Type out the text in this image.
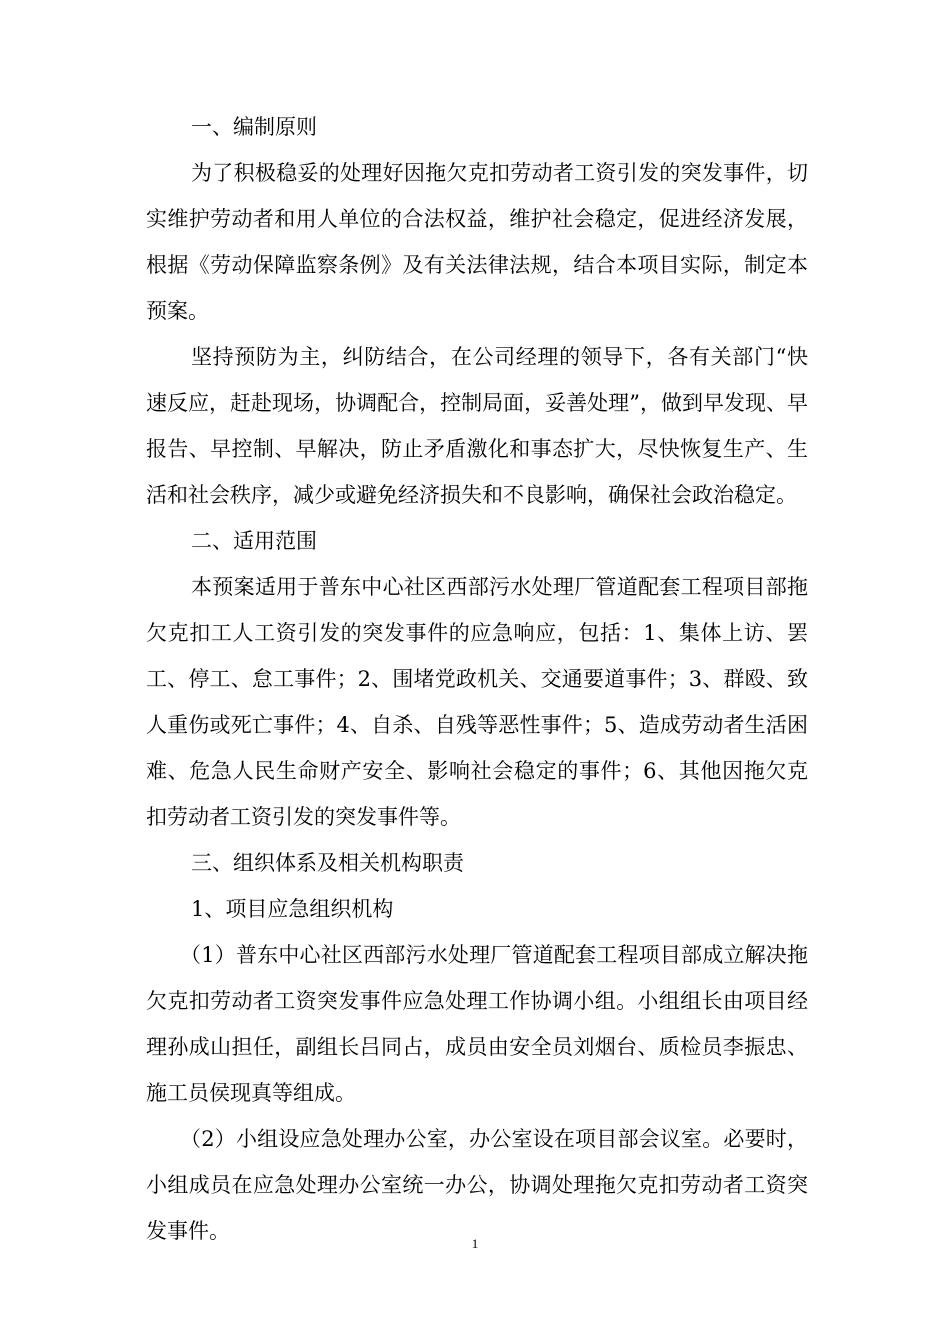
一、编制原则

为了积极稳妥的处理好因拖欠克扣劳动者工资引发的突发事件，切实维护劳动者和用人单位的合法权益，维护社会稳定，促进经济发展，根据《劳动保障监察条例》及有关法律法规，结合本项目实际，制定本预案。

坚持预防为主，纠防结合，在公司经理的领导下，各有关部门“快速反应，赶赴现场，协调配合，控制局面，妥善处理”，做到早发现、早报告、早控制、早解决，防止矛盾激化和事态扩大，尽快恢复生产、生活和社会秩序，减少或避免经济损失和不良影响，确保社会政治稳定。

二、适用范围

本预案适用于普东中心社区西部污水处理厂管道配套工程项目部拖欠克扣工人工资引发的突发事件的应急响应，包括：1、集体上访、罢工、停工、怠工事件；2、围堵党政机关、交通要道事件；3、群殴、致人重伤或死亡事件；4、自杀、自残等恶性事件；5、造成劳动者生活困难、危急人民生命财产安全、影响社会稳定的事件；6、其他因拖欠克扣劳动者工资引发的突发事件等。

三、组织体系及相关机构职责

1、项目应急组织机构

（1）普东中心社区西部污水处理厂管道配套工程项目部成立解决拖欠克扣劳动者工资突发事件应急处理工作协调小组。小组组长由项目经理孙成山担任，副组长吕同占，成员由安全员刘烟台、质检员李振忠、施工员侯现真等组成。

（2）小组设应急处理办公室，办公室设在项目部会议室。必要时，小组成员在应急处理办公室统一办公，协调处理拖欠克扣劳动者工资突发事件。

1
